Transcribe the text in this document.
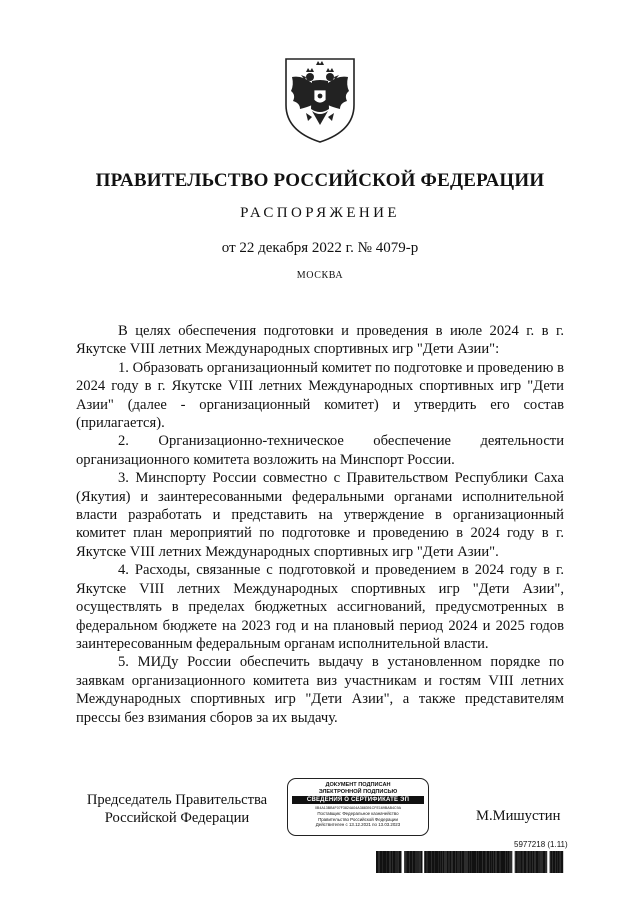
ПРАВИТЕЛЬСТВО РОССИЙСКОЙ ФЕДЕРАЦИИ
РАСПОРЯЖЕНИЕ
от 22 декабря 2022 г. № 4079-р
МОСКВА

В целях обеспечения подготовки и проведения в июле 2024 г. в г. Якутске VIII летних Международных спортивных игр "Дети Азии":

1. Образовать организационный комитет по подготовке и проведению в 2024 году в г. Якутске VIII летних Международных спортивных игр "Дети Азии" (далее - организационный комитет) и утвердить его состав (прилагается).

2. Организационно-техническое обеспечение деятельности организационного комитета возложить на Минспорт России.

3. Минспорту России совместно с Правительством Республики Саха (Якутия) и заинтересованными федеральными органами исполнительной власти разработать и представить на утверждение в организационный комитет план мероприятий по подготовке и проведению в 2024 году в г. Якутске VIII летних Международных спортивных игр "Дети Азии".

4. Расходы, связанные с подготовкой и проведением в 2024 году в г. Якутске VIII летних Международных спортивных игр "Дети Азии", осуществлять в пределах бюджетных ассигнований, предусмотренных в федеральном бюджете на 2023 год и на плановый период 2024 и 2025 годов заинтересованным федеральным органам исполнительной власти.

5. МИДу России обеспечить выдачу в установленном порядке по заявкам организационного комитета виз участникам и гостям VIII летних Международных спортивных игр "Дети Азии", а также представителям прессы без взимания сборов за их выдачу.

Председатель Правительства
Российской Федерации
ДОКУМЕНТ ПОДПИСАН
ЭЛЕКТРОННОЙ ПОДПИСЬЮ
СВЕДЕНИЯ О СЕРТИФИКАТЕ ЭП
0B4A13BB4F07F3824A04A388391CFE169BAB4C9A
Поставщик: Федеральное казначейство
Правительство Российской Федерации
Действителен с 13.12.2021 по 13.03.2023
М.Мишустин
5977218 (1.11)
